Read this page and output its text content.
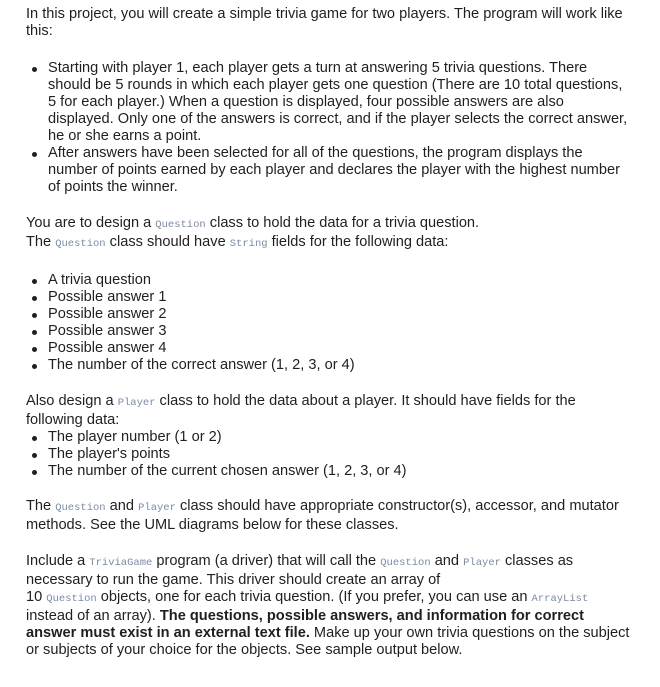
In this project, you will create a simple trivia game for two players. The program will work like this:

Starting with player 1, each player gets a turn at answering 5 trivia questions. There should be 5 rounds in which each player gets one question (There are 10 total questions, 5 for each player.) When a question is displayed, four possible answers are also displayed. Only one of the answers is correct, and if the player selects the correct answer, he or she earns a point.
After answers have been selected for all of the questions, the program displays the number of points earned by each player and declares the player with the highest number of points the winner.

You are to design a Question class to hold the data for a trivia question.
The Question class should have String fields for the following data:

A trivia question
Possible answer 1
Possible answer 2
Possible answer 3
Possible answer 4
The number of the correct answer (1, 2, 3, or 4)

Also design a Player class to hold the data about a player. It should have fields for the following data:

The player number (1 or 2)
The player's points
The number of the current chosen answer (1, 2, 3, or 4)

The Question and Player class should have appropriate constructor(s), accessor, and mutator methods. See the UML diagrams below for these classes.

Include a TriviaGame program (a driver) that will call the Question and Player classes as necessary to run the game. This driver should create an array of
10 Question objects, one for each trivia question. (If you prefer, you can use an ArrayList instead of an array). The questions, possible answers, and information for correct answer must exist in an external text file. Make up your own trivia questions on the subject or subjects of your choice for the objects. See sample output below.
